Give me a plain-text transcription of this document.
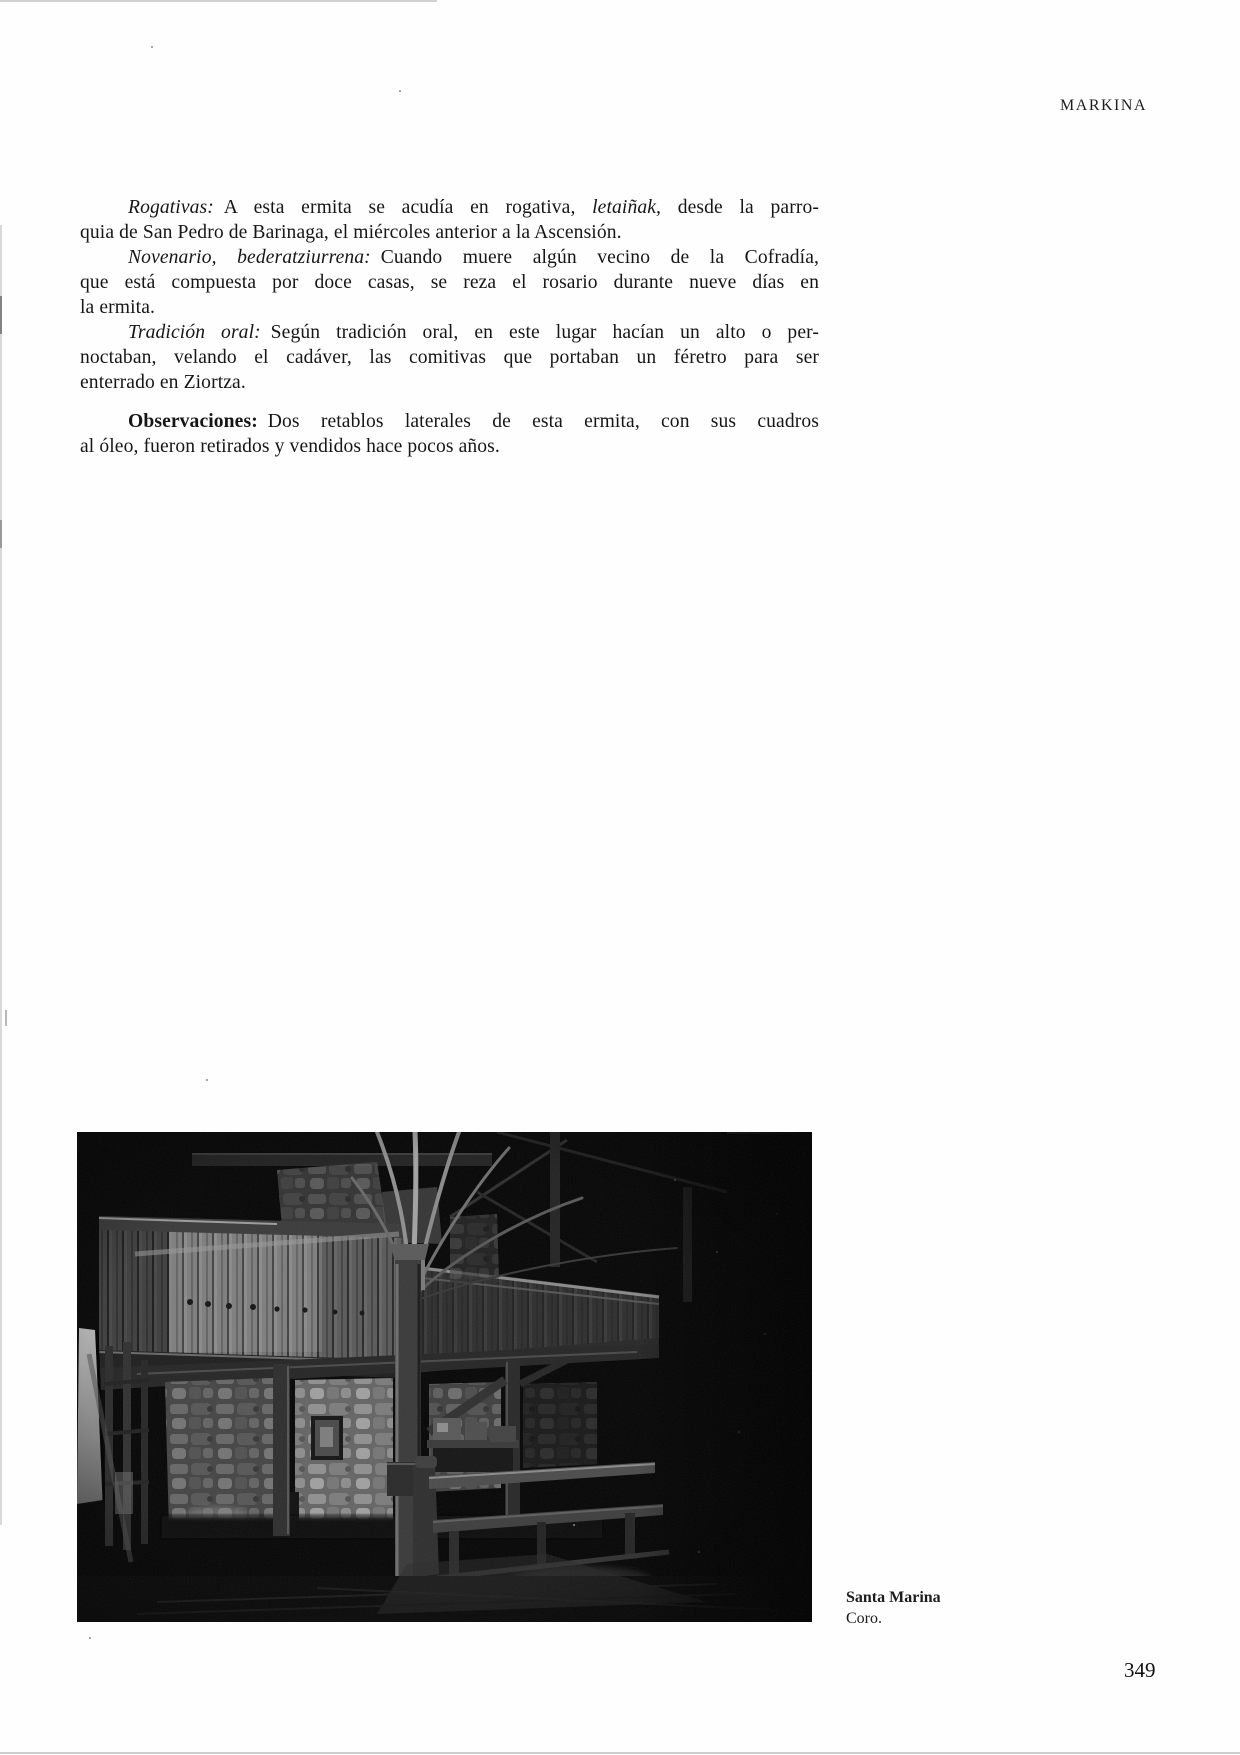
MARKINA
Rogativas: A esta ermita se acudía en rogativa, letaiñak, desde la parro-
quia de San Pedro de Barinaga, el miércoles anterior a la Ascensión.
Novenario, bederatziurrena: Cuando muere algún vecino de la Cofradía,
que está compuesta por doce casas, se reza el rosario durante nueve días en
la ermita.
Tradición oral: Según tradición oral, en este lugar hacían un alto o per-
noctaban, velando el cadáver, las comitivas que portaban un féretro para ser
enterrado en Ziortza.
Observaciones: Dos retablos laterales de esta ermita, con sus cuadros
al óleo, fueron retirados y vendidos hace pocos años.
Santa Marina
Coro.
349
